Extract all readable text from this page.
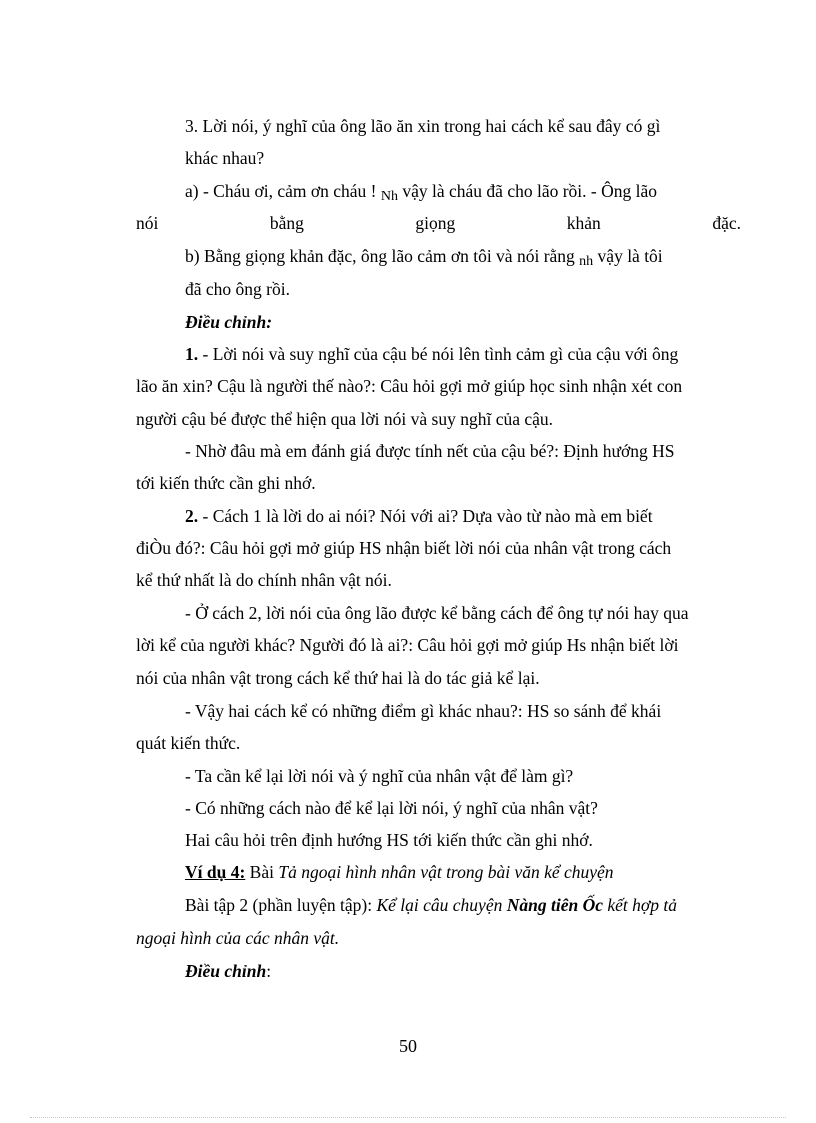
3. Lời nói, ý nghĩ của ông lão ăn xin trong hai cách kể sau đây có gì
khác nhau?
a) - Cháu ơi, cảm ơn cháu ! Nh vậy là cháu đã cho lão rồi. - Ông lão
nói	bằng	giọng	khản	đặc.
b) Bằng giọng khản đặc, ông lão cảm ơn tôi và nói rằng nh vậy là tôi
đã cho ông rồi.
Điều chỉnh:
1. - Lời nói và suy nghĩ của cậu bé nói lên tình cảm gì của cậu với ông
lão ăn xin? Cậu là người thế nào?: Câu hỏi gợi mở giúp học sinh nhận xét con
người cậu bé được thể hiện qua lời nói và suy nghĩ của cậu.
- Nhờ đâu mà em đánh giá được tính nết của cậu bé?: Định hướng HS
tới kiến thức cần ghi nhớ.
2. - Cách 1 là lời do ai nói? Nói với ai? Dựa vào từ nào mà em biết
điÒu đó?: Câu hỏi gợi mở giúp HS nhận biết lời nói của nhân vật trong cách
kể thứ nhất là do chính nhân vật nói.
- Ở cách 2, lời nói của ông lão được kể bằng cách để ông tự nói hay qua
lời kể của người khác? Người đó là ai?: Câu hỏi gợi mở giúp Hs nhận biết lời
nói của nhân vật trong cách kể thứ hai là do tác giả kể lại.
- Vậy hai cách kể có những điểm gì khác nhau?: HS so sánh để khái
quát kiến thức.
- Ta cần kể lại lời nói và ý nghĩ của nhân vật để làm gì?
- Có những cách nào để kể lại lời nói, ý nghĩ của nhân vật?
Hai câu hỏi trên định hướng HS tới kiến thức cần ghi nhớ.
Ví dụ 4: Bài Tả ngoại hình nhân vật trong bài văn kể chuyện
Bài tập 2 (phần luyện tập): Kể lại câu chuyện Nàng tiên Ốc kết hợp tả
ngoại hình của các nhân vật.
Điều chỉnh:
50
